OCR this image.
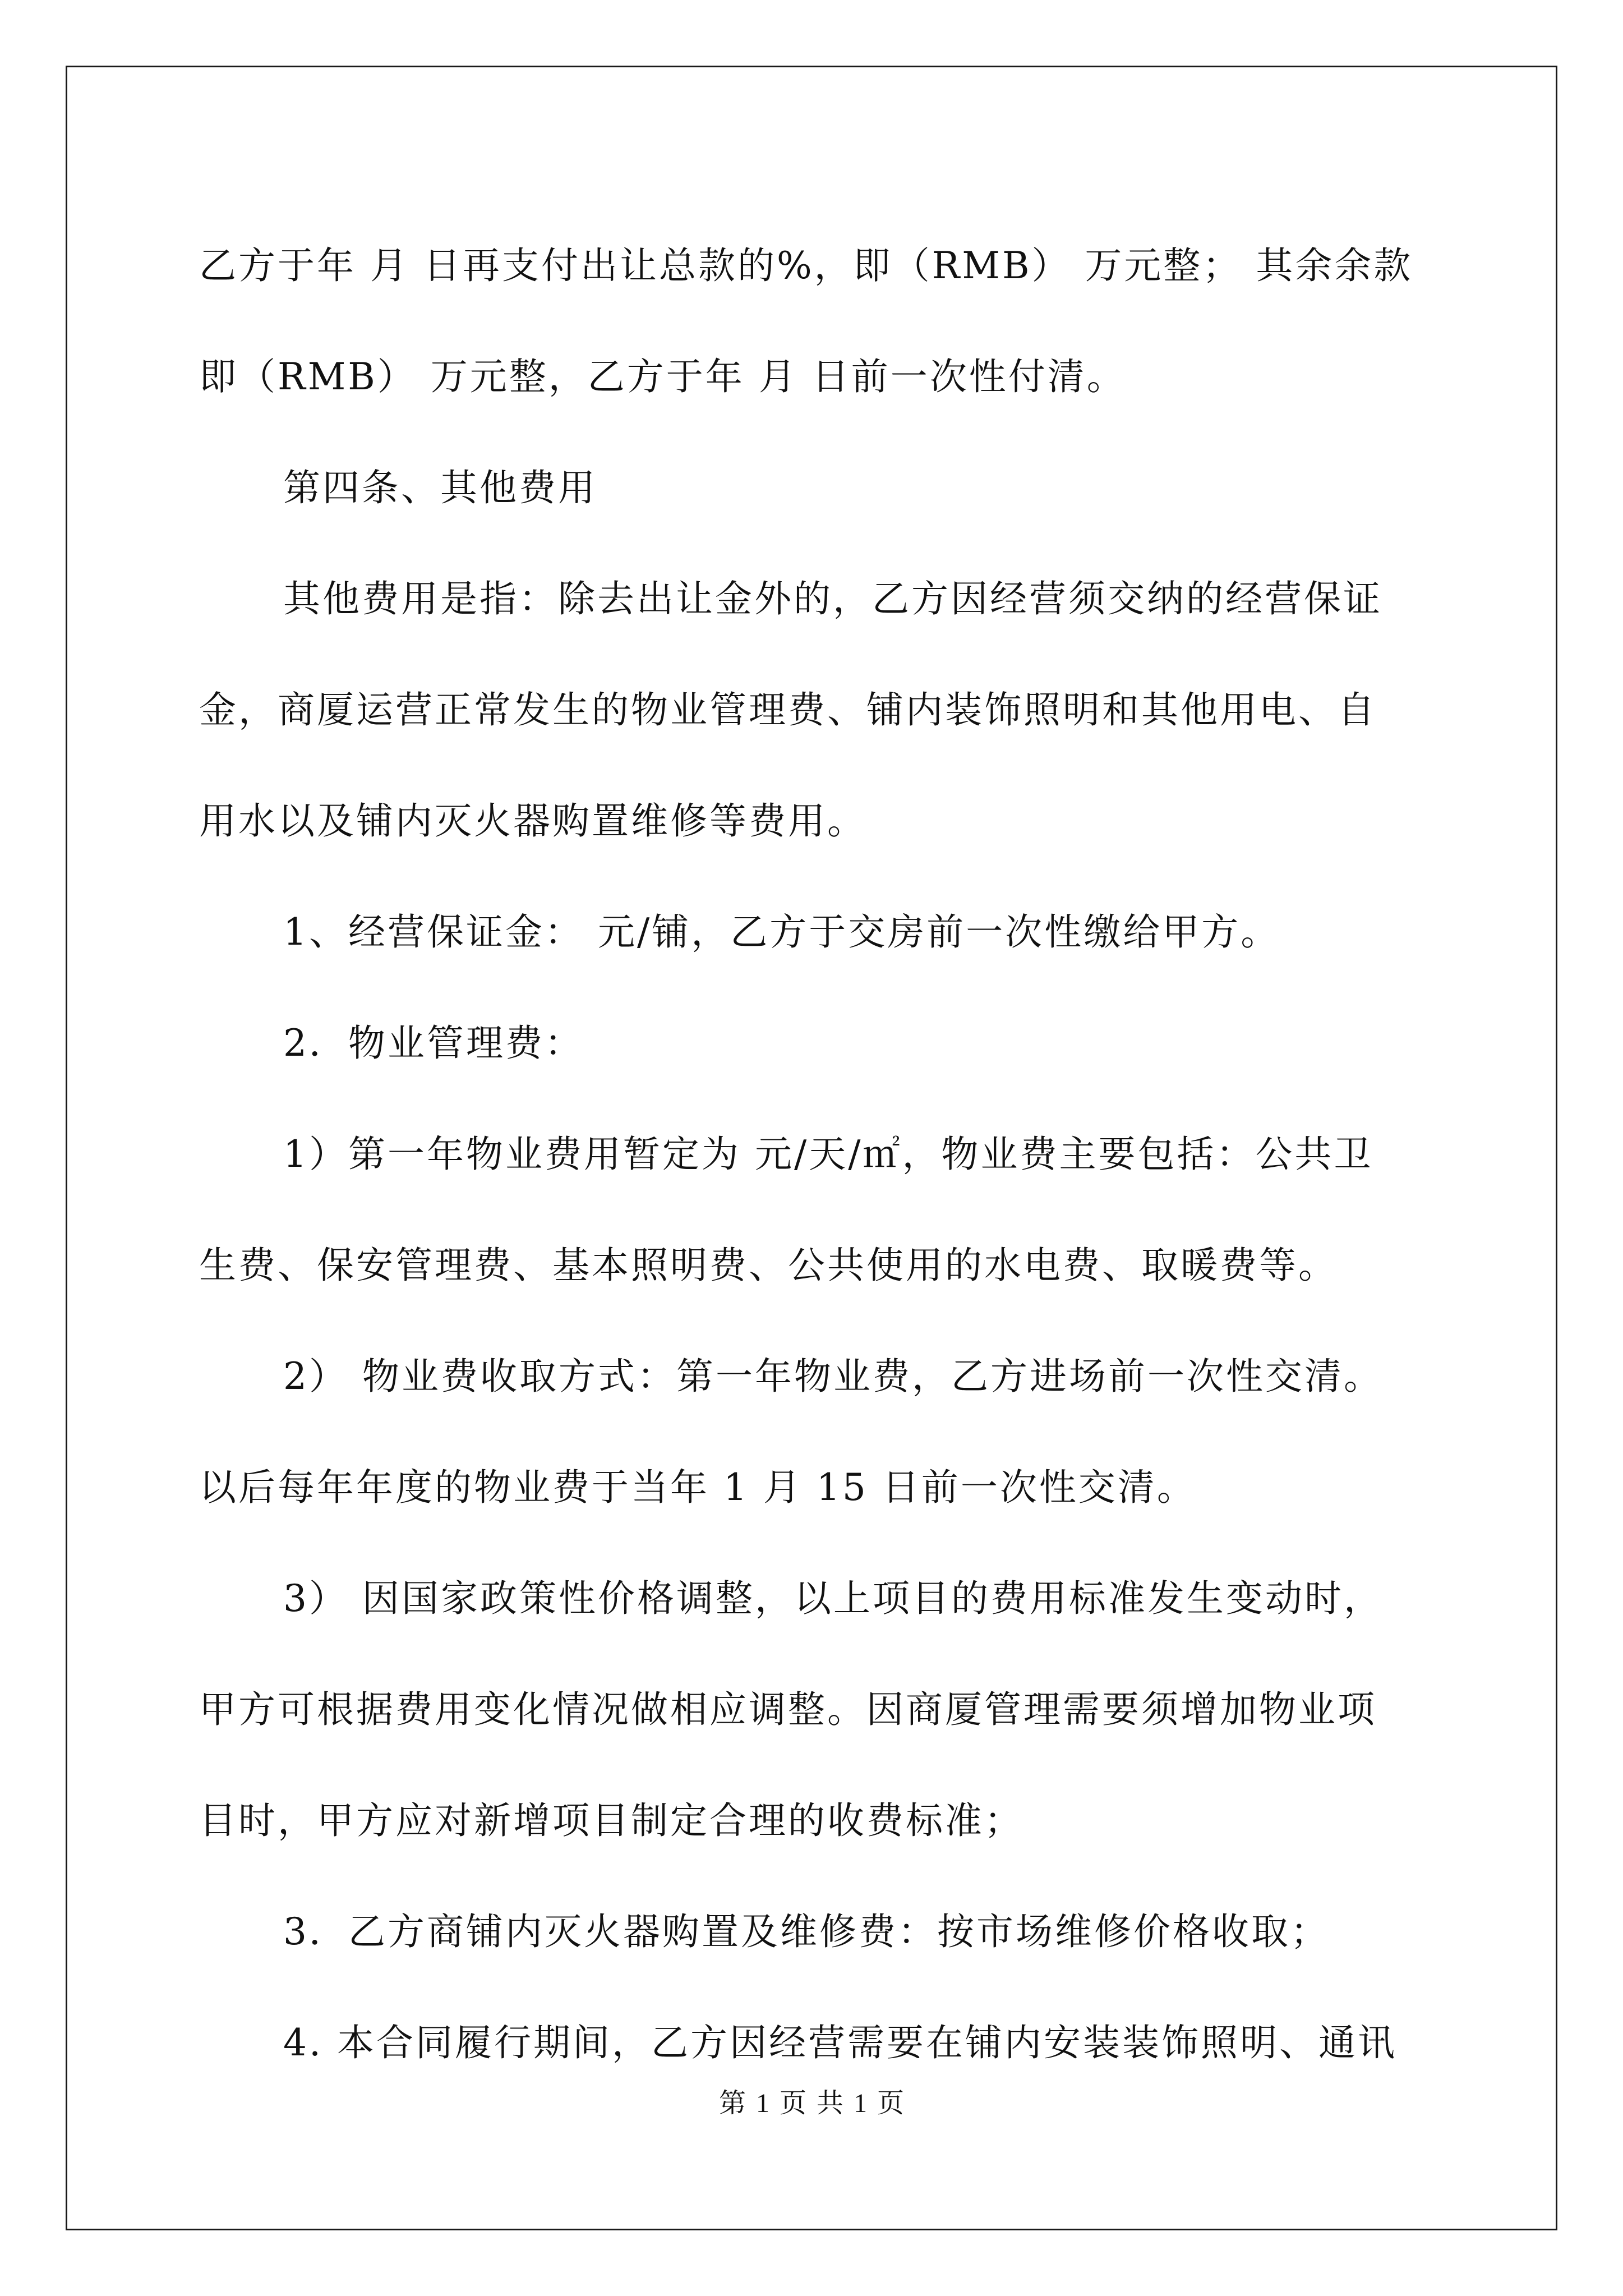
乙方于年 月 日再支付出让总款的%，即（RMB） 万元整； 其余余款

即（RMB） 万元整，乙方于年 月 日前一次性付清。

第四条、其他费用

其他费用是指：除去出让金外的，乙方因经营须交纳的经营保证

金，商厦运营正常发生的物业管理费、铺内装饰照明和其他用电、自

用水以及铺内灭火器购置维修等费用。

1、经营保证金： 元/铺，乙方于交房前一次性缴给甲方。

2．物业管理费：

1）第一年物业费用暂定为 元/天/㎡，物业费主要包括：公共卫

生费、保安管理费、基本照明费、公共使用的水电费、取暖费等。

2） 物业费收取方式：第一年物业费，乙方进场前一次性交清。

以后每年年度的物业费于当年 1 月 15 日前一次性交清。

3） 因国家政策性价格调整，以上项目的费用标准发生变动时，

甲方可根据费用变化情况做相应调整。因商厦管理需要须增加物业项

目时，甲方应对新增项目制定合理的收费标准；

3．乙方商铺内灭火器购置及维修费：按市场维修价格收取；

4. 本合同履行期间，乙方因经营需要在铺内安装装饰照明、通讯

第 1 页 共 1 页
